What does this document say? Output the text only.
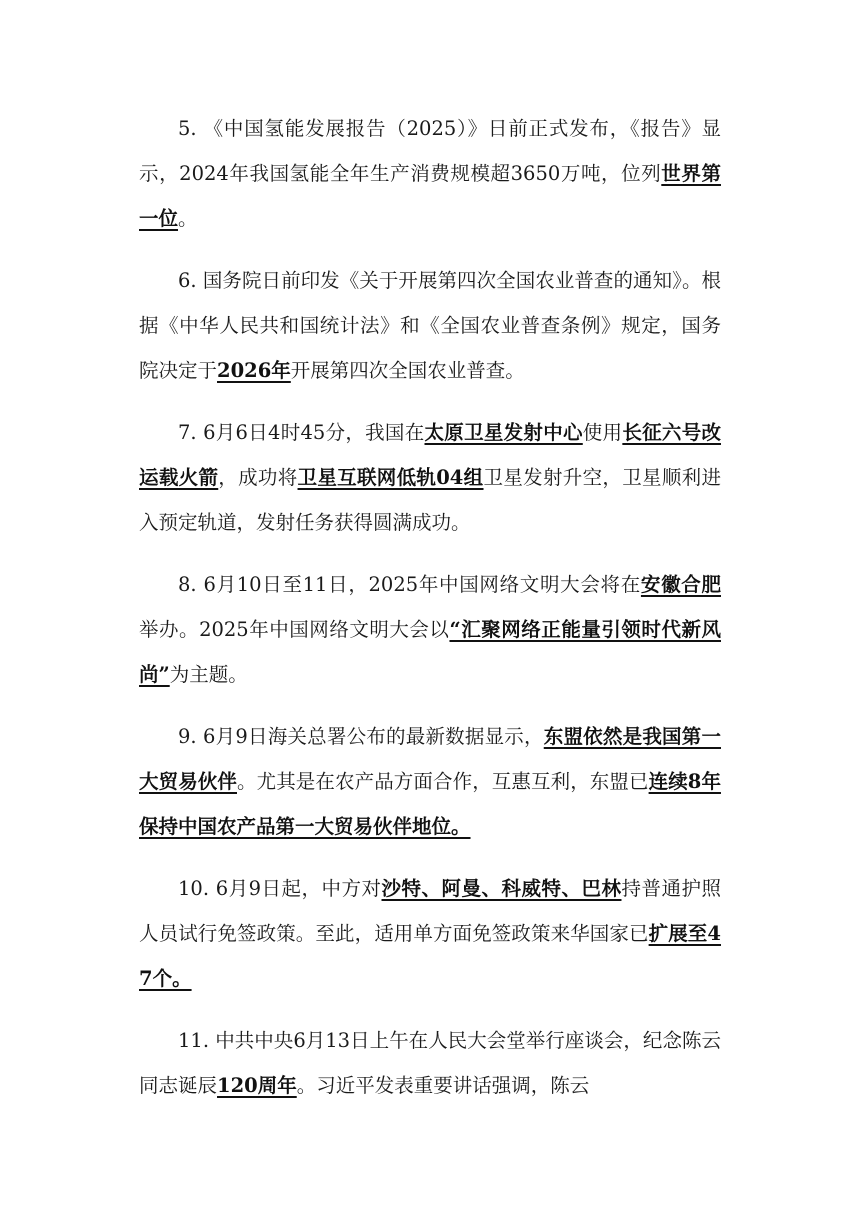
5. 《中国氢能发展报告（2025）》日前正式发布，《报告》显示，2024年我国氢能全年生产消费规模超3650万吨，位列世界第一位。

6. 国务院日前印发《关于开展第四次全国农业普查的通知》。根据《中华人民共和国统计法》和《全国农业普查条例》规定，国务院决定于2026年开展第四次全国农业普查。

7. 6月6日4时45分，我国在太原卫星发射中心使用长征六号改运载火箭，成功将卫星互联网低轨04组卫星发射升空，卫星顺利进入预定轨道，发射任务获得圆满成功。

8. 6月10日至11日，2025年中国网络文明大会将在安徽合肥举办。2025年中国网络文明大会以“汇聚网络正能量引领时代新风尚”为主题。

9. 6月9日海关总署公布的最新数据显示，东盟依然是我国第一大贸易伙伴。尤其是在农产品方面合作，互惠互利，东盟已连续8年保持中国农产品第一大贸易伙伴地位。

10. 6月9日起，中方对沙特、阿曼、科威特、巴林持普通护照人员试行免签政策。至此，适用单方面免签政策来华国家已扩展至47个。

11. 中共中央6月13日上午在人民大会堂举行座谈会，纪念陈云同志诞辰120周年。习近平发表重要讲话强调，陈云
